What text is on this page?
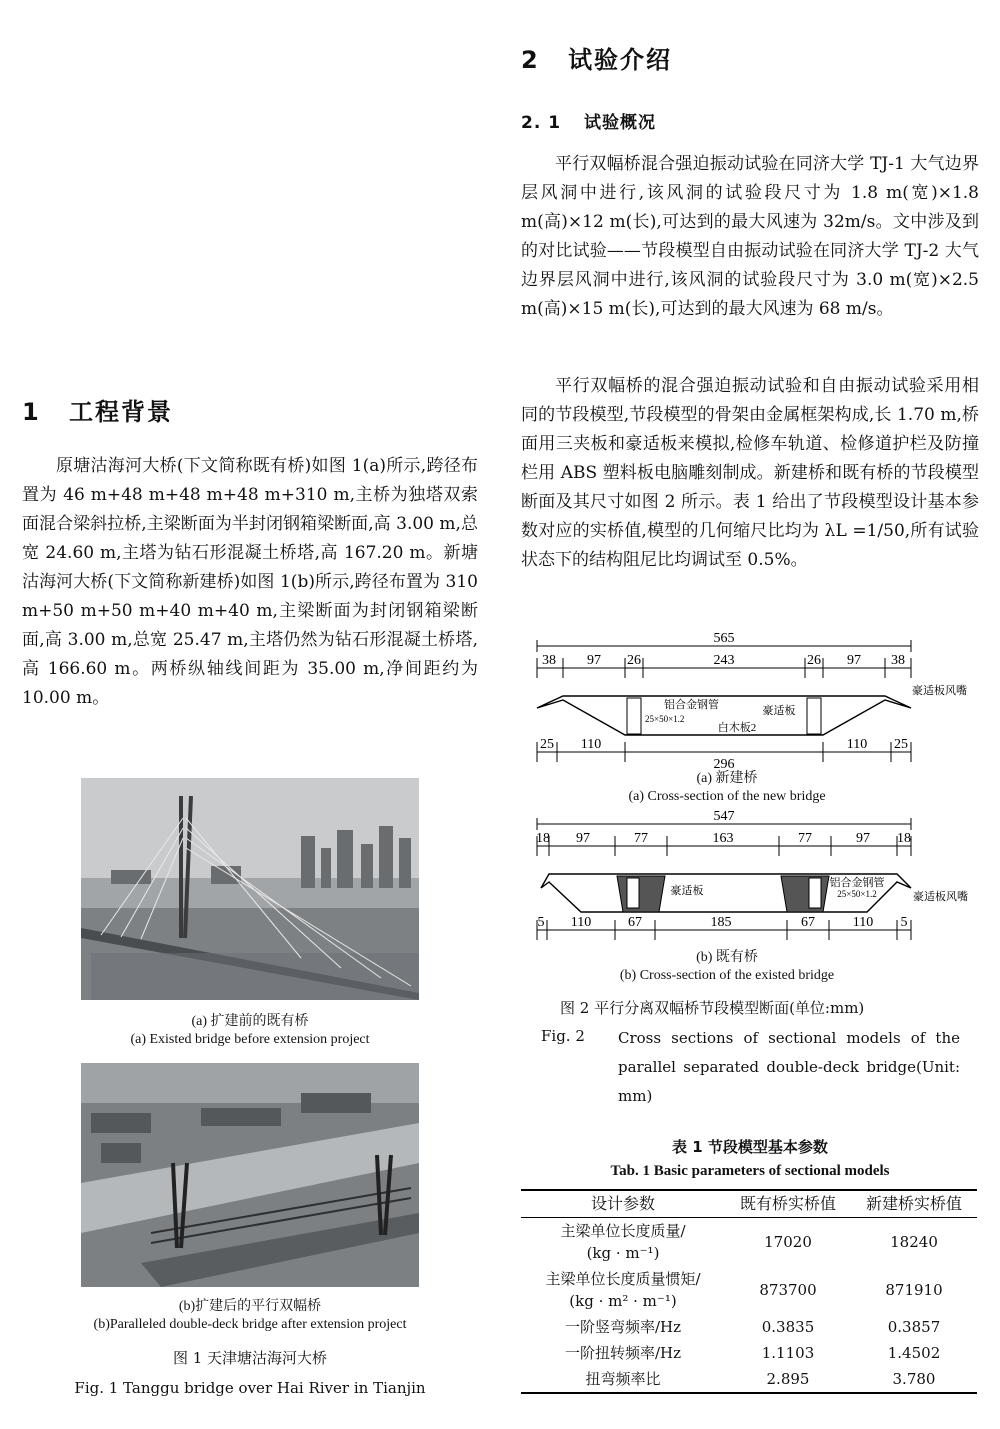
1 工程背景

原塘沽海河大桥(下文简称既有桥)如图 1(a)所示,跨径布置为 46 m+48 m+48 m+48 m+310 m,主桥为独塔双索面混合梁斜拉桥,主梁断面为半封闭钢箱梁断面,高 3.00 m,总宽 24.60 m,主塔为钻石形混凝土桥塔,高 167.20 m。新塘沽海河大桥(下文简称新建桥)如图 1(b)所示,跨径布置为 310 m+50 m+50 m+40 m+40 m,主梁断面为封闭钢箱梁断面,高 3.00 m,总宽 25.47 m,主塔仍然为钻石形混凝土桥塔,高 166.60 m。两桥纵轴线间距为 35.00 m,净间距约为 10.00 m。

(a) 扩建前的既有桥
(a) Existed bridge before extension project
(b)扩建后的平行双幅桥
(b)Paralleled double-deck bridge after extension project
图 1 天津塘沽海河大桥
Fig. 1 Tanggu bridge over Hai River in Tianjin
2 试验介绍
2. 1 试验概况

平行双幅桥混合强迫振动试验在同济大学 TJ-1 大气边界层风洞中进行,该风洞的试验段尺寸为 1.8 m(宽)×1.8 m(高)×12 m(长),可达到的最大风速为 32m/s。文中涉及到的对比试验——节段模型自由振动试验在同济大学 TJ-2 大气边界层风洞中进行,该风洞的试验段尺寸为 3.0 m(宽)×2.5 m(高)×15 m(长),可达到的最大风速为 68 m/s。

平行双幅桥的混合强迫振动试验和自由振动试验采用相同的节段模型,节段模型的骨架由金属框架构成,长 1.70 m,桥面用三夹板和豪适板来模拟,检修车轨道、检修道护栏及防撞栏用 ABS 塑料板电脑雕刻制成。新建桥和既有桥的节段模型断面及其尺寸如图 2 所示。表 1 给出了节段模型设计基本参数对应的实桥值,模型的几何缩尺比均为 λL =1/50,所有试验状态下的结构阻尼比均调试至 0.5%。

565
38 97 26	243	26 97 38
铝合金钢管
25×50×1.2
豪适板
白木板2
豪适板风嘴
25 110
296
110 25
(a) 新建桥
(a) Cross-section of the new bridge
547
18 97	77	163	77	97 18
豪适板
铝合金钢管
25×50×1.2	豪适板风嘴
5 110	67	185	67	110 5
(b) 既有桥
(b) Cross-section of the existed bridge
图 2 平行分离双幅桥节段模型断面(单位:mm)
Fig. 2 Cross sections of sectional models of the parallel separated double-deck bridge(Unit: mm)
表 1 节段模型基本参数
Tab. 1 Basic parameters of sectional models
设计参数	既有桥实桥值	新建桥实桥值

主梁单位长度质量/
(kg · m⁻¹)	17020	18240

主梁单位长度质量惯矩/
(kg · m² · m⁻¹)	873700	871910
一阶竖弯频率/Hz	0.3835	0.3857
一阶扭转频率/Hz	1.1103	1.4502
扭弯频率比	2.895	3.780
